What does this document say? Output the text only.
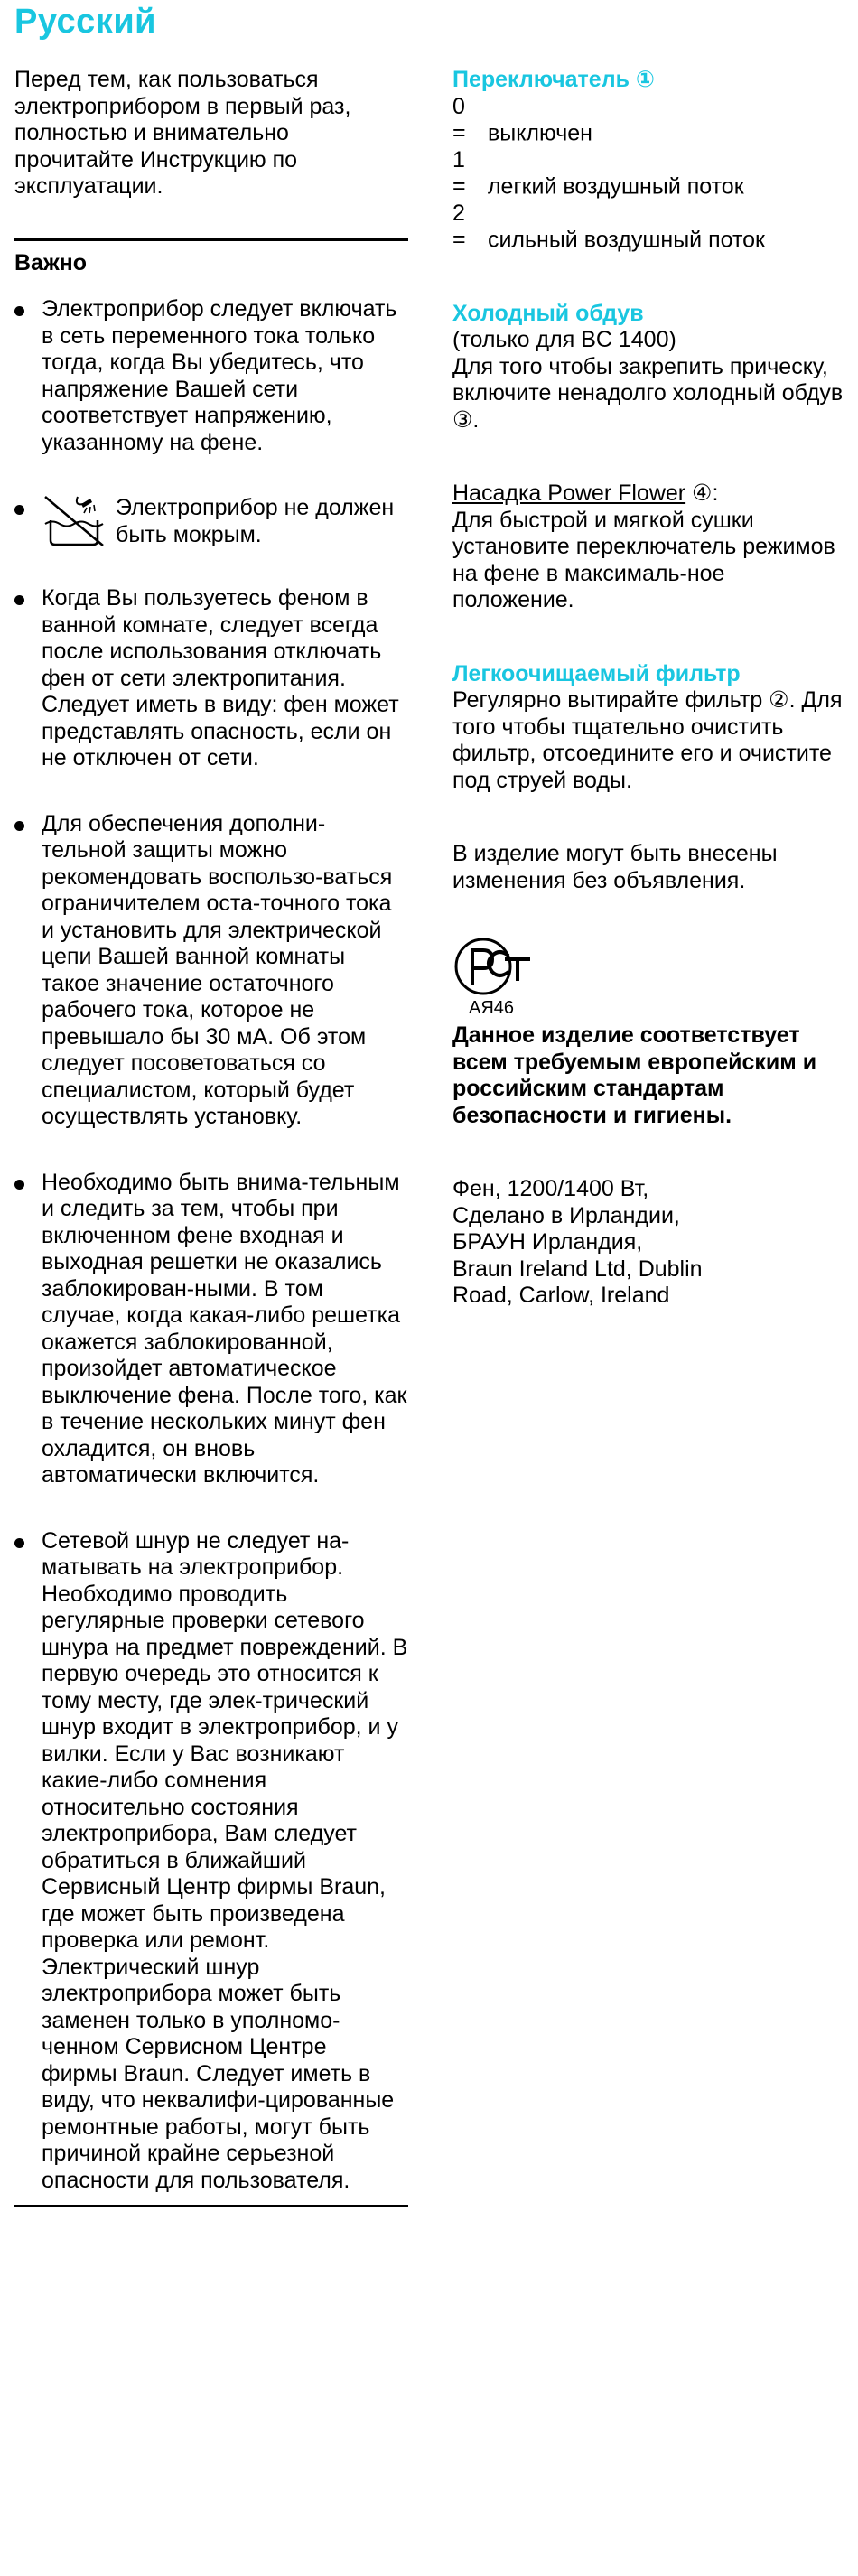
Русский

Перед тем, как пользоваться электроприбором в первый раз, полностью и внимательно прочитайте Инструкцию по эксплуатации.

Важно
Электроприбор следует включать в сеть переменного тока только тогда, когда Вы убедитесь, что напряжение Вашей сети соответствует напряжению, указанному на фене.
Электроприбор не должен быть мокрым.
Когда Вы пользуетесь феном в ванной комнате, следует всегда после использования отключать фен от сети электропитания. Следует иметь в виду: фен может представлять опасность, если он не отключен от сети.
Для обеспечения дополни-тельной защиты можно рекомендовать воспользо-ваться ограничителем оста-точного тока и установить для электрической цепи Вашей ванной комнаты такое значение остаточного рабочего тока, которое не превышало бы 30 мА. Об этом следует посоветоваться со специалистом, который будет осуществлять установку.
Необходимо быть внима-тельным и следить за тем, чтобы при включенном фене входная и выходная решетки не оказались заблокирован-ными. В том случае, когда какая-либо решетка окажется заблокированной, произойдет автоматическое выключение фена. После того, как в течение нескольких минут фен охладится, он вновь автоматически включится.
Сетевой шнур не следует на-матывать на электроприбор. Необходимо проводить регулярные проверки сетевого шнура на предмет повреждений. В первую очередь это относится к тому месту, где элек-трический шнур входит в электроприбор, и у вилки. Если у Вас возникают какие-либо сомнения относительно состояния электроприбора, Вам следует обратиться в ближайший Сервисный Центр фирмы Braun, где может быть произведена проверка или ремонт. Электрический шнур электроприбора может быть заменен только в уполномо-ченном Сервисном Центре фирмы Braun. Следует иметь в виду, что неквалифи-цированные ремонтные работы, могут быть причиной крайне серьезной опасности для пользователя.
Переключатель ①
0 = выключен
1 = легкий воздушный поток
2 = сильный воздушный поток
Холодный обдув
(только для BC 1400)
Для того чтобы закрепить прическу, включите ненадолго холодный обдув ③.
Насадка Power Flower ④:
Для быстрой и мягкой сушки установите переключатель режимов на фене в максималь-ное положение.
Легкоочищаемый фильтр
Регулярно вытирайте фильтр ②. Для того чтобы тщательно очистить фильтр, отсоедините его и очистите под струей воды.
В изделие могут быть внесены изменения без объявления.
АЯ46
Данное изделие соответствует всем требуемым европейским и российским стандартам безопасности и гигиены.
Фен, 1200/1400 Вт,
Сделано в Ирландии,
БРАУН Ирландия,
Braun Ireland Ltd, Dublin
Road, Carlow, Ireland
